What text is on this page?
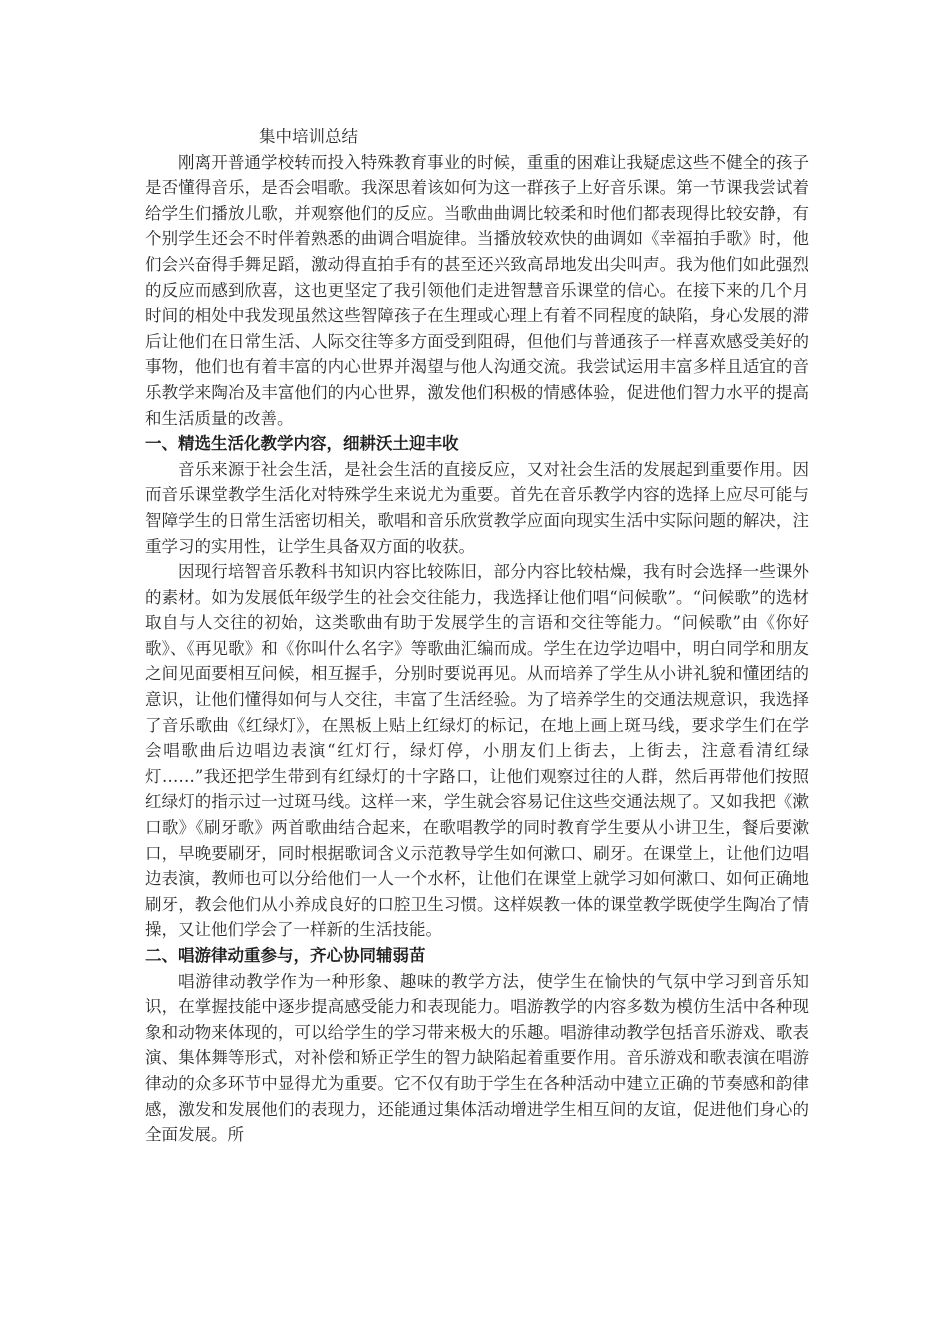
集中培训总结

刚离开普通学校转而投入特殊教育事业的时候，重重的困难让我疑虑这些不健全的孩子是否懂得音乐，是否会唱歌。我深思着该如何为这一群孩子上好音乐课。第一节课我尝试着给学生们播放儿歌，并观察他们的反应。当歌曲曲调比较柔和时他们都表现得比较安静，有个别学生还会不时伴着熟悉的曲调合唱旋律。当播放较欢快的曲调如《幸福拍手歌》时，他们会兴奋得手舞足蹈，激动得直拍手有的甚至还兴致高昂地发出尖叫声。我为他们如此强烈的反应而感到欣喜，这也更坚定了我引领他们走进智慧音乐课堂的信心。在接下来的几个月时间的相处中我发现虽然这些智障孩子在生理或心理上有着不同程度的缺陷，身心发展的滞后让他们在日常生活、人际交往等多方面受到阻碍，但他们与普通孩子一样喜欢感受美好的事物，他们也有着丰富的内心世界并渴望与他人沟通交流。我尝试运用丰富多样且适宜的音乐教学来陶冶及丰富他们的内心世界，激发他们积极的情感体验，促进他们智力水平的提高和生活质量的改善。

一、精选生活化教学内容，细耕沃土迎丰收

音乐来源于社会生活，是社会生活的直接反应，又对社会生活的发展起到重要作用。因而音乐课堂教学生活化对特殊学生来说尤为重要。首先在音乐教学内容的选择上应尽可能与智障学生的日常生活密切相关，歌唱和音乐欣赏教学应面向现实生活中实际问题的解决，注重学习的实用性，让学生具备双方面的收获。

因现行培智音乐教科书知识内容比较陈旧，部分内容比较枯燥，我有时会选择一些课外的素材。如为发展低年级学生的社会交往能力，我选择让他们唱“问候歌”。“问候歌”的选材取自与人交往的初始，这类歌曲有助于发展学生的言语和交往等能力。“问候歌”由《你好歌》、《再见歌》和《你叫什么名字》等歌曲汇编而成。学生在边学边唱中，明白同学和朋友之间见面要相互问候，相互握手，分别时要说再见。从而培养了学生从小讲礼貌和懂团结的意识，让他们懂得如何与人交往，丰富了生活经验。为了培养学生的交通法规意识，我选择了音乐歌曲《红绿灯》，在黑板上贴上红绿灯的标记，在地上画上斑马线，要求学生们在学会唱歌曲后边唱边表演“红灯行，绿灯停，小朋友们上街去，上街去，注意看清红绿灯……”我还把学生带到有红绿灯的十字路口，让他们观察过往的人群，然后再带他们按照红绿灯的指示过一过斑马线。这样一来，学生就会容易记住这些交通法规了。又如我把《漱口歌》《刷牙歌》两首歌曲结合起来，在歌唱教学的同时教育学生要从小讲卫生，餐后要漱口，早晚要刷牙，同时根据歌词含义示范教导学生如何漱口、刷牙。在课堂上，让他们边唱边表演，教师也可以分给他们一人一个水杯，让他们在课堂上就学习如何漱口、如何正确地刷牙，教会他们从小养成良好的口腔卫生习惯。这样娱教一体的课堂教学既使学生陶冶了情操，又让他们学会了一样新的生活技能。

二、唱游律动重参与，齐心协同辅弱苗

唱游律动教学作为一种形象、趣味的教学方法，使学生在愉快的气氛中学习到音乐知识，在掌握技能中逐步提高感受能力和表现能力。唱游教学的内容多数为模仿生活中各种现象和动物来体现的，可以给学生的学习带来极大的乐趣。唱游律动教学包括音乐游戏、歌表演、集体舞等形式，对补偿和矫正学生的智力缺陷起着重要作用。音乐游戏和歌表演在唱游律动的众多环节中显得尤为重要。它不仅有助于学生在各种活动中建立正确的节奏感和韵律感，激发和发展他们的表现力，还能通过集体活动增进学生相互间的友谊，促进他们身心的全面发展。所
